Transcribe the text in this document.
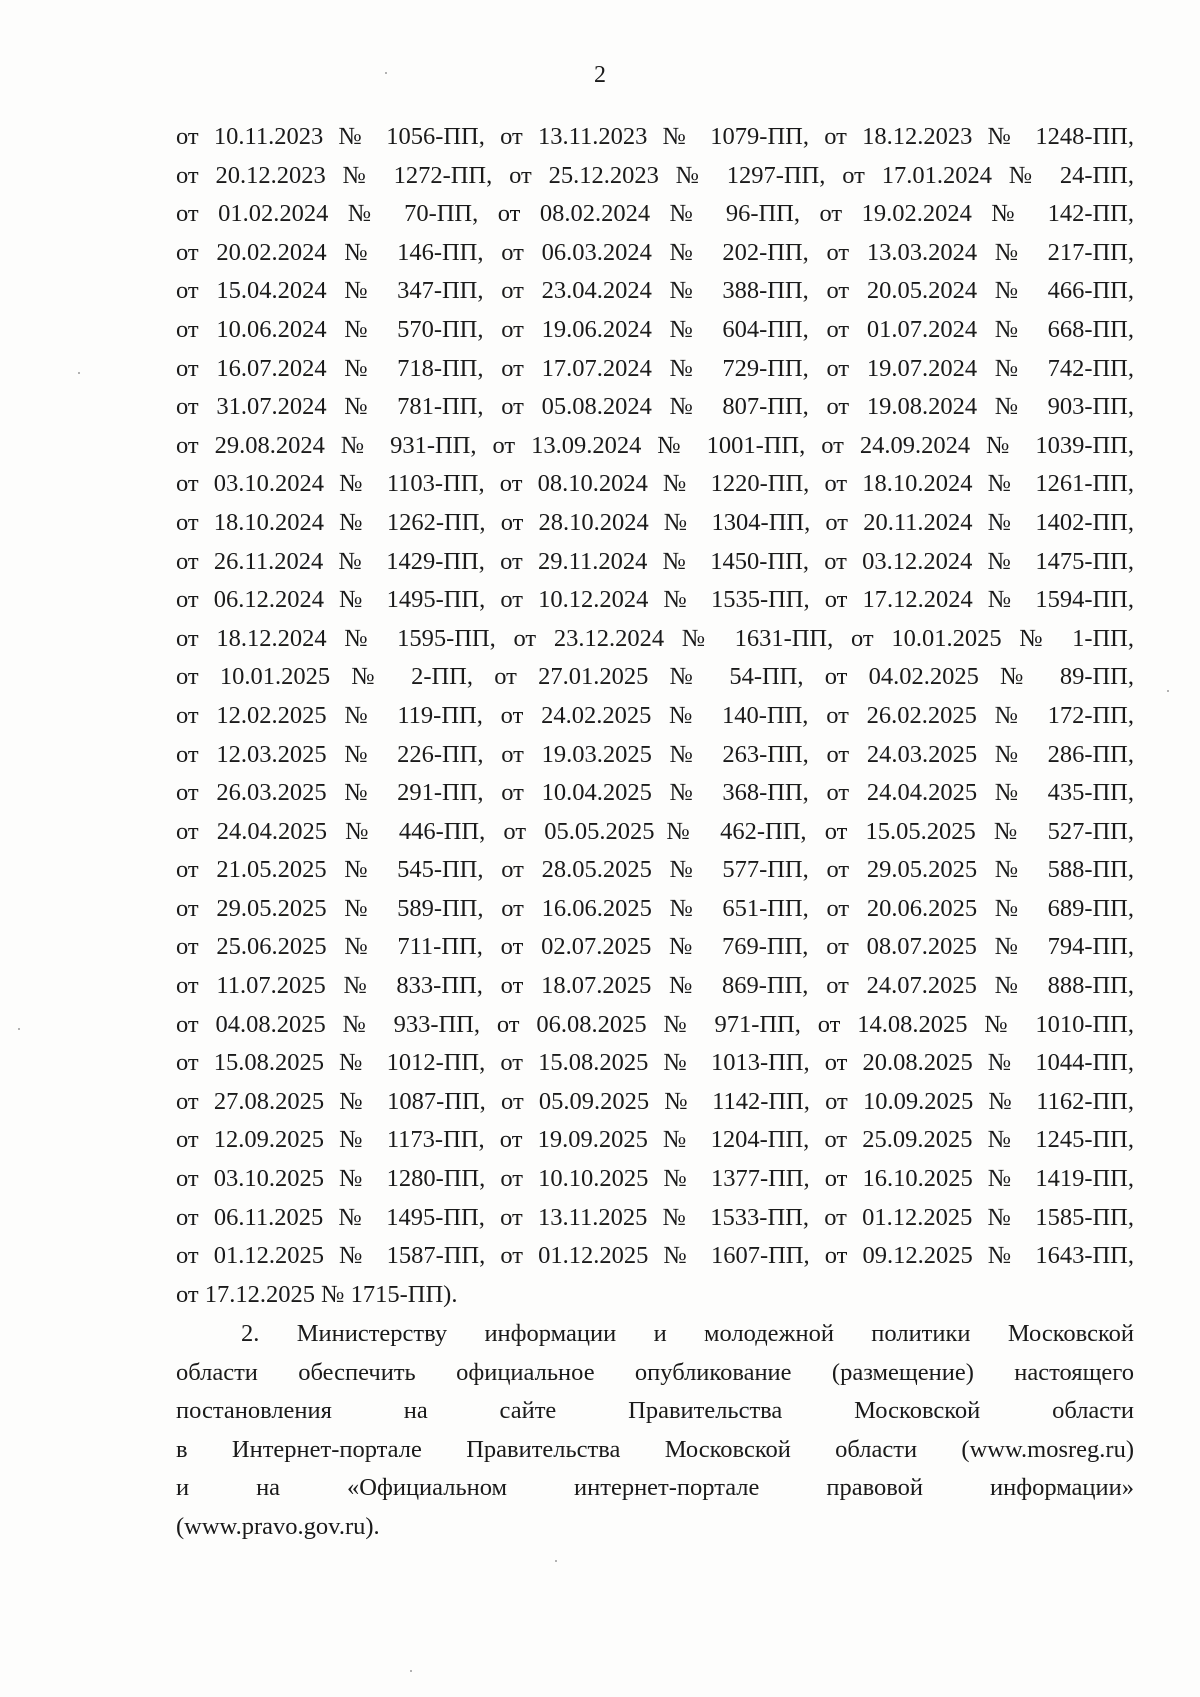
2
от 10.11.2023 № 1056-ПП, от 13.11.2023 № 1079-ПП, от 18.12.2023 № 1248-ПП,
от 20.12.2023 № 1272-ПП, от 25.12.2023 № 1297-ПП, от 17.01.2024 № 24-ПП,
от 01.02.2024 № 70-ПП, от 08.02.2024 № 96-ПП, от 19.02.2024 № 142-ПП,
от 20.02.2024 № 146-ПП, от 06.03.2024 № 202-ПП, от 13.03.2024 № 217-ПП,
от 15.04.2024 № 347-ПП, от 23.04.2024 № 388-ПП, от 20.05.2024 № 466-ПП,
от 10.06.2024 № 570-ПП, от 19.06.2024 № 604-ПП, от 01.07.2024 № 668-ПП,
от 16.07.2024 № 718-ПП, от 17.07.2024 № 729-ПП, от 19.07.2024 № 742-ПП,
от 31.07.2024 № 781-ПП, от 05.08.2024 № 807-ПП, от 19.08.2024 № 903-ПП,
от 29.08.2024 № 931-ПП, от 13.09.2024 № 1001-ПП, от 24.09.2024 № 1039-ПП,
от 03.10.2024 № 1103-ПП, от 08.10.2024 № 1220-ПП, от 18.10.2024 № 1261-ПП,
от 18.10.2024 № 1262-ПП, от 28.10.2024 № 1304-ПП, от 20.11.2024 № 1402-ПП,
от 26.11.2024 № 1429-ПП, от 29.11.2024 № 1450-ПП, от 03.12.2024 № 1475-ПП,
от 06.12.2024 № 1495-ПП, от 10.12.2024 № 1535-ПП, от 17.12.2024 № 1594-ПП,
от 18.12.2024 № 1595-ПП, от 23.12.2024 № 1631-ПП, от 10.01.2025 № 1-ПП,
от 10.01.2025 № 2-ПП, от 27.01.2025 № 54-ПП, от 04.02.2025 № 89-ПП,
от 12.02.2025 № 119-ПП, от 24.02.2025 № 140-ПП, от 26.02.2025 № 172-ПП,
от 12.03.2025 № 226-ПП, от 19.03.2025 № 263-ПП, от 24.03.2025 № 286-ПП,
от 26.03.2025 № 291-ПП, от 10.04.2025 № 368-ПП, от 24.04.2025 № 435-ПП,
от 24.04.2025 № 446-ПП, от 05.05.2025№ 462-ПП, от 15.05.2025 № 527-ПП,
от 21.05.2025 № 545-ПП, от 28.05.2025 № 577-ПП, от 29.05.2025 № 588-ПП,
от 29.05.2025 № 589-ПП, от 16.06.2025 № 651-ПП, от 20.06.2025 № 689-ПП,
от 25.06.2025 № 711-ПП, от 02.07.2025 № 769-ПП, от 08.07.2025 № 794-ПП,
от 11.07.2025 № 833-ПП, от 18.07.2025 № 869-ПП, от 24.07.2025 № 888-ПП,
от 04.08.2025 № 933-ПП, от 06.08.2025 № 971-ПП, от 14.08.2025 № 1010-ПП,
от 15.08.2025 № 1012-ПП, от 15.08.2025 № 1013-ПП, от 20.08.2025 № 1044-ПП,
от 27.08.2025 № 1087-ПП, от 05.09.2025 № 1142-ПП, от 10.09.2025 № 1162-ПП,
от 12.09.2025 № 1173-ПП, от 19.09.2025 № 1204-ПП, от 25.09.2025 № 1245-ПП,
от 03.10.2025 № 1280-ПП, от 10.10.2025 № 1377-ПП, от 16.10.2025 № 1419-ПП,
от 06.11.2025 № 1495-ПП, от 13.11.2025 № 1533-ПП, от 01.12.2025 № 1585-ПП,
от 01.12.2025 № 1587-ПП, от 01.12.2025 № 1607-ПП, от 09.12.2025 № 1643-ПП,
от 17.12.2025 № 1715-ПП).
2. Министерству информации и молодежной политики Московской
области обеспечить официальное опубликование (размещение) настоящего
постановления на сайте Правительства Московской области
в Интернет-портале Правительства Московской области (www.mosreg.ru)
и на «Официальном интернет-портале правовой информации»
(www.pravo.gov.ru).
